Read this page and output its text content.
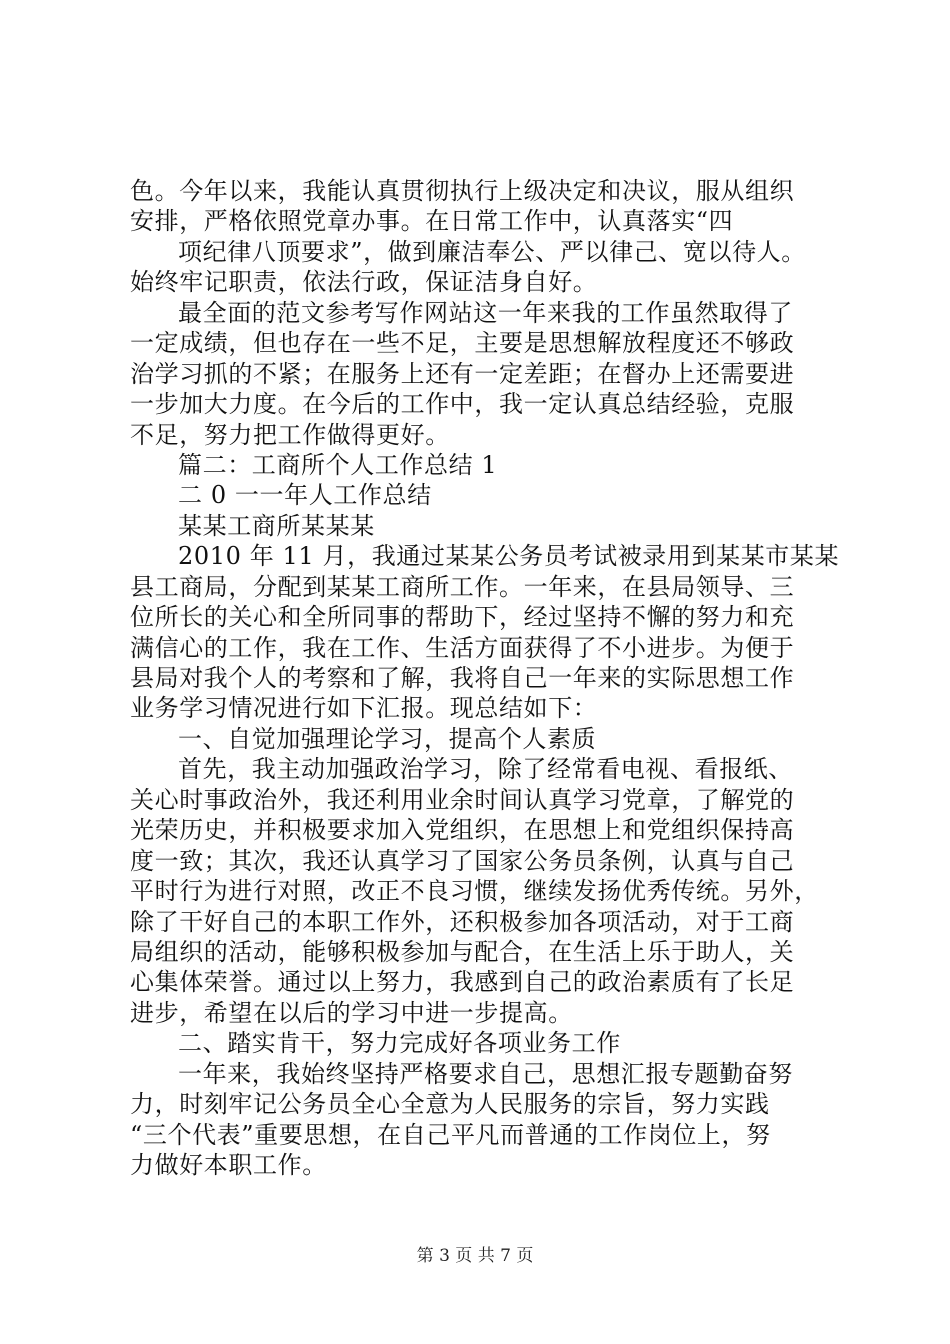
色。今年以来，我能认真贯彻执行上级决定和决议，服从组织
安排，严格依照党章办事。在日常工作中，认真落实“四
项纪律八顶要求”，做到廉洁奉公、严以律己、宽以待人。
始终牢记职责，依法行政，保证洁身自好。
最全面的范文参考写作网站这一年来我的工作虽然取得了
一定成绩，但也存在一些不足，主要是思想解放程度还不够政
治学习抓的不紧；在服务上还有一定差距；在督办上还需要进
一步加大力度。在今后的工作中，我一定认真总结经验，克服
不足，努力把工作做得更好。
篇二：工商所个人工作总结 1
二 0 一一年人工作总结
某某工商所某某某
2010 年 11 月，我通过某某公务员考试被录用到某某市某某
县工商局，分配到某某工商所工作。一年来，在县局领导、三
位所长的关心和全所同事的帮助下，经过坚持不懈的努力和充
满信心的工作，我在工作、生活方面获得了不小进步。为便于
县局对我个人的考察和了解，我将自己一年来的实际思想工作
业务学习情况进行如下汇报。现总结如下：
一、自觉加强理论学习，提高个人素质
首先，我主动加强政治学习，除了经常看电视、看报纸、
关心时事政治外，我还利用业余时间认真学习党章，了解党的
光荣历史，并积极要求加入党组织，在思想上和党组织保持高
度一致；其次，我还认真学习了国家公务员条例，认真与自己
平时行为进行对照，改正不良习惯，继续发扬优秀传统。另外，
除了干好自己的本职工作外，还积极参加各项活动，对于工商
局组织的活动，能够积极参加与配合，在生活上乐于助人，关
心集体荣誉。通过以上努力，我感到自己的政治素质有了长足
进步，希望在以后的学习中进一步提高。
二、踏实肯干，努力完成好各项业务工作
一年来，我始终坚持严格要求自己，思想汇报专题勤奋努
力，时刻牢记公务员全心全意为人民服务的宗旨，努力实践
“三个代表”重要思想，在自己平凡而普通的工作岗位上，努
力做好本职工作。
第 3 页 共 7 页
